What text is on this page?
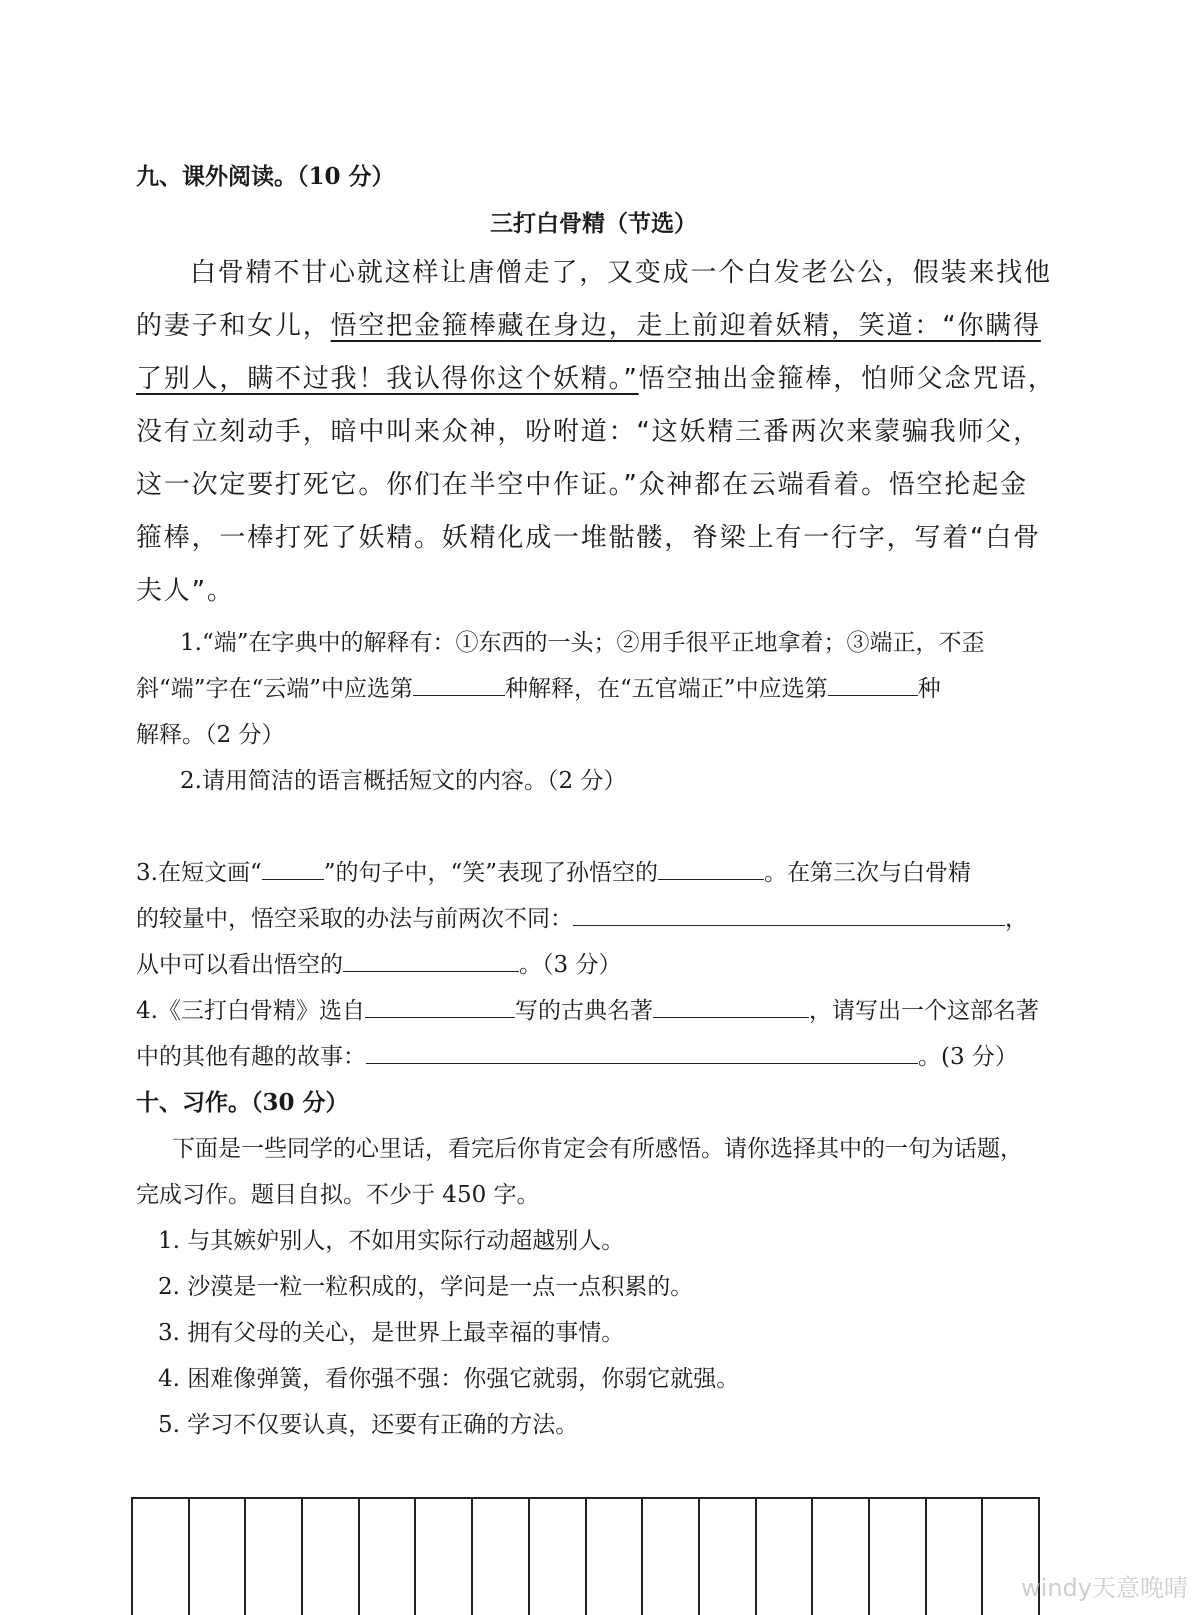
九、课外阅读。（10 分）
三打白骨精（节选）
白骨精不甘心就这样让唐僧走了，又变成一个白发老公公，假装来找他
的妻子和女儿，悟空把金箍棒藏在身边，走上前迎着妖精，笑道：“你瞒得
了别人，瞒不过我！我认得你这个妖精。”悟空抽出金箍棒，怕师父念咒语，
没有立刻动手，暗中叫来众神，吩咐道：“这妖精三番两次来蒙骗我师父，
这一次定要打死它。你们在半空中作证。”众神都在云端看着。悟空抡起金
箍棒，一棒打死了妖精。妖精化成一堆骷髅，脊梁上有一行字，写着“白骨
夫人”。
1.“端”在字典中的解释有：①东西的一头；②用手很平正地拿着；③端正，不歪
斜“端”字在“云端”中应选第	种解释，在“五官端正”中应选第	种
解释。（2 分）
2.请用简洁的语言概括短文的内容。（2 分）
3.在短文画“	”的句子中，“笑”表现了孙悟空的	。在第三次与白骨精
的较量中，悟空采取的办法与前两次不同：	，
从中可以看出悟空的	。（3 分）
4.《三打白骨精》选自	写的古典名著	，请写出一个这部名著
中的其他有趣的故事：	。(3 分）
十、习作。（30 分）
下面是一些同学的心里话，看完后你肯定会有所感悟。请你选择其中的一句为话题，
完成习作。题目自拟。不少于 450 字。
1. 与其嫉妒别人，不如用实际行动超越别人。
2. 沙漠是一粒一粒积成的，学问是一点一点积累的。
3. 拥有父母的关心，是世界上最幸福的事情。
4. 困难像弹簧，看你强不强：你强它就弱，你弱它就强。
5. 学习不仅要认真，还要有正确的方法。
windy天意晚晴
